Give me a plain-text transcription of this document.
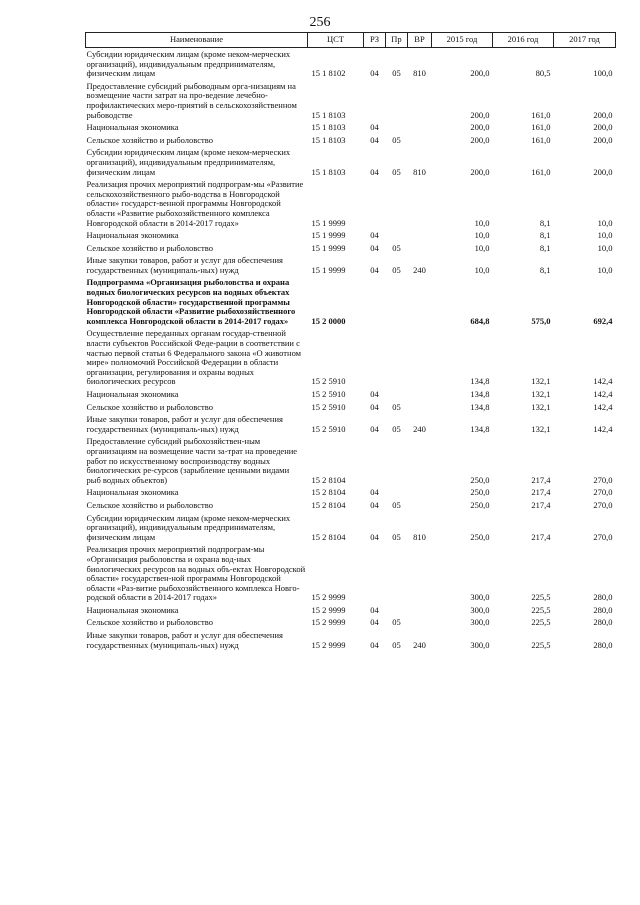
256
Наименование	ЦСТ	РЗ	Пр	ВР	2015 год	2016 год	2017 год
Субсидии юридическим лицам (кроме неком-мерческих организаций), индивидуальным предпринимателям, физическим лицам	15 1 8102	04	05	810	200,0	80,5	100,0
Предоставление субсидий рыбоводным орга-низациям на возмещение части затрат на про-ведение лечебно-профилактических меро-приятий в сельскохозяйственном рыбоводстве	15 1 8103				200,0	161,0	200,0
Национальная экономика	15 1 8103	04			200,0	161,0	200,0
Сельское хозяйство и рыболовство	15 1 8103	04	05		200,0	161,0	200,0
Субсидии юридическим лицам (кроме неком-мерческих организаций), индивидуальным предпринимателям, физическим лицам	15 1 8103	04	05	810	200,0	161,0	200,0
Реализация прочих мероприятий подпрограм-мы «Развитие сельскохозяйственного рыбо-водства в Новгородской области» государст-венной программы Новгородской области «Развитие рыбохозяйственного комплекса Новгородской области в 2014-2017 годах»	15 1 9999				10,0	8,1	10,0
Национальная экономика	15 1 9999	04			10,0	8,1	10,0
Сельское хозяйство и рыболовство	15 1 9999	04	05		10,0	8,1	10,0
Иные закупки товаров, работ и услуг для обеспечения государственных (муниципаль-ных) нужд	15 1 9999	04	05	240	10,0	8,1	10,0
Подпрограмма «Организация рыболовства и охрана водных биологических ресурсов на водных объектах Новгородской области» государственной программы Новгородской области «Развитие рыбохозяйственного комплекса Новгородской области в 2014-2017 годах»	15 2 0000				684,8	575,0	692,4
Осуществление переданных органам государ-ственной власти субъектов Российской Феде-рации в соответствии с частью первой статьи 6 Федерального закона «О животном мире» полномочий Российской Федерации в области организации, регулирования и охраны водных биологических ресурсов	15 2 5910				134,8	132,1	142,4
Национальная экономика	15 2 5910	04			134,8	132,1	142,4
Сельское хозяйство и рыболовство	15 2 5910	04	05		134,8	132,1	142,4
Иные закупки товаров, работ и услуг для обеспечения государственных (муниципаль-ных) нужд	15 2 5910	04	05	240	134,8	132,1	142,4
Предоставление субсидий рыбохозяйствен-ным организациям на возмещение части за-трат на проведение работ по искусственному воспроизводству водных биологических ре-сурсов (зарыбление ценными видами рыб водных объектов)	15 2 8104				250,0	217,4	270,0
Национальная экономика	15 2 8104	04			250,0	217,4	270,0
Сельское хозяйство и рыболовство	15 2 8104	04	05		250,0	217,4	270,0
Субсидии юридическим лицам (кроме неком-мерческих организаций), индивидуальным предпринимателям, физическим лицам	15 2 8104	04	05	810	250,0	217,4	270,0
Реализация прочих мероприятий подпрограм-мы «Организация рыболовства и охрана вод-ных биологических ресурсов на водных объ-ектах Новгородской области» государствен-ной программы Новгородской области «Раз-витие рыбохозяйственного комплекса Новго-родской области в 2014-2017 годах»	15 2 9999				300,0	225,5	280,0
Национальная экономика	15 2 9999	04			300,0	225,5	280,0
Сельское хозяйство и рыболовство	15 2 9999	04	05		300,0	225,5	280,0
Иные закупки товаров, работ и услуг для обеспечения государственных (муниципаль-ных) нужд	15 2 9999	04	05	240	300,0	225,5	280,0
